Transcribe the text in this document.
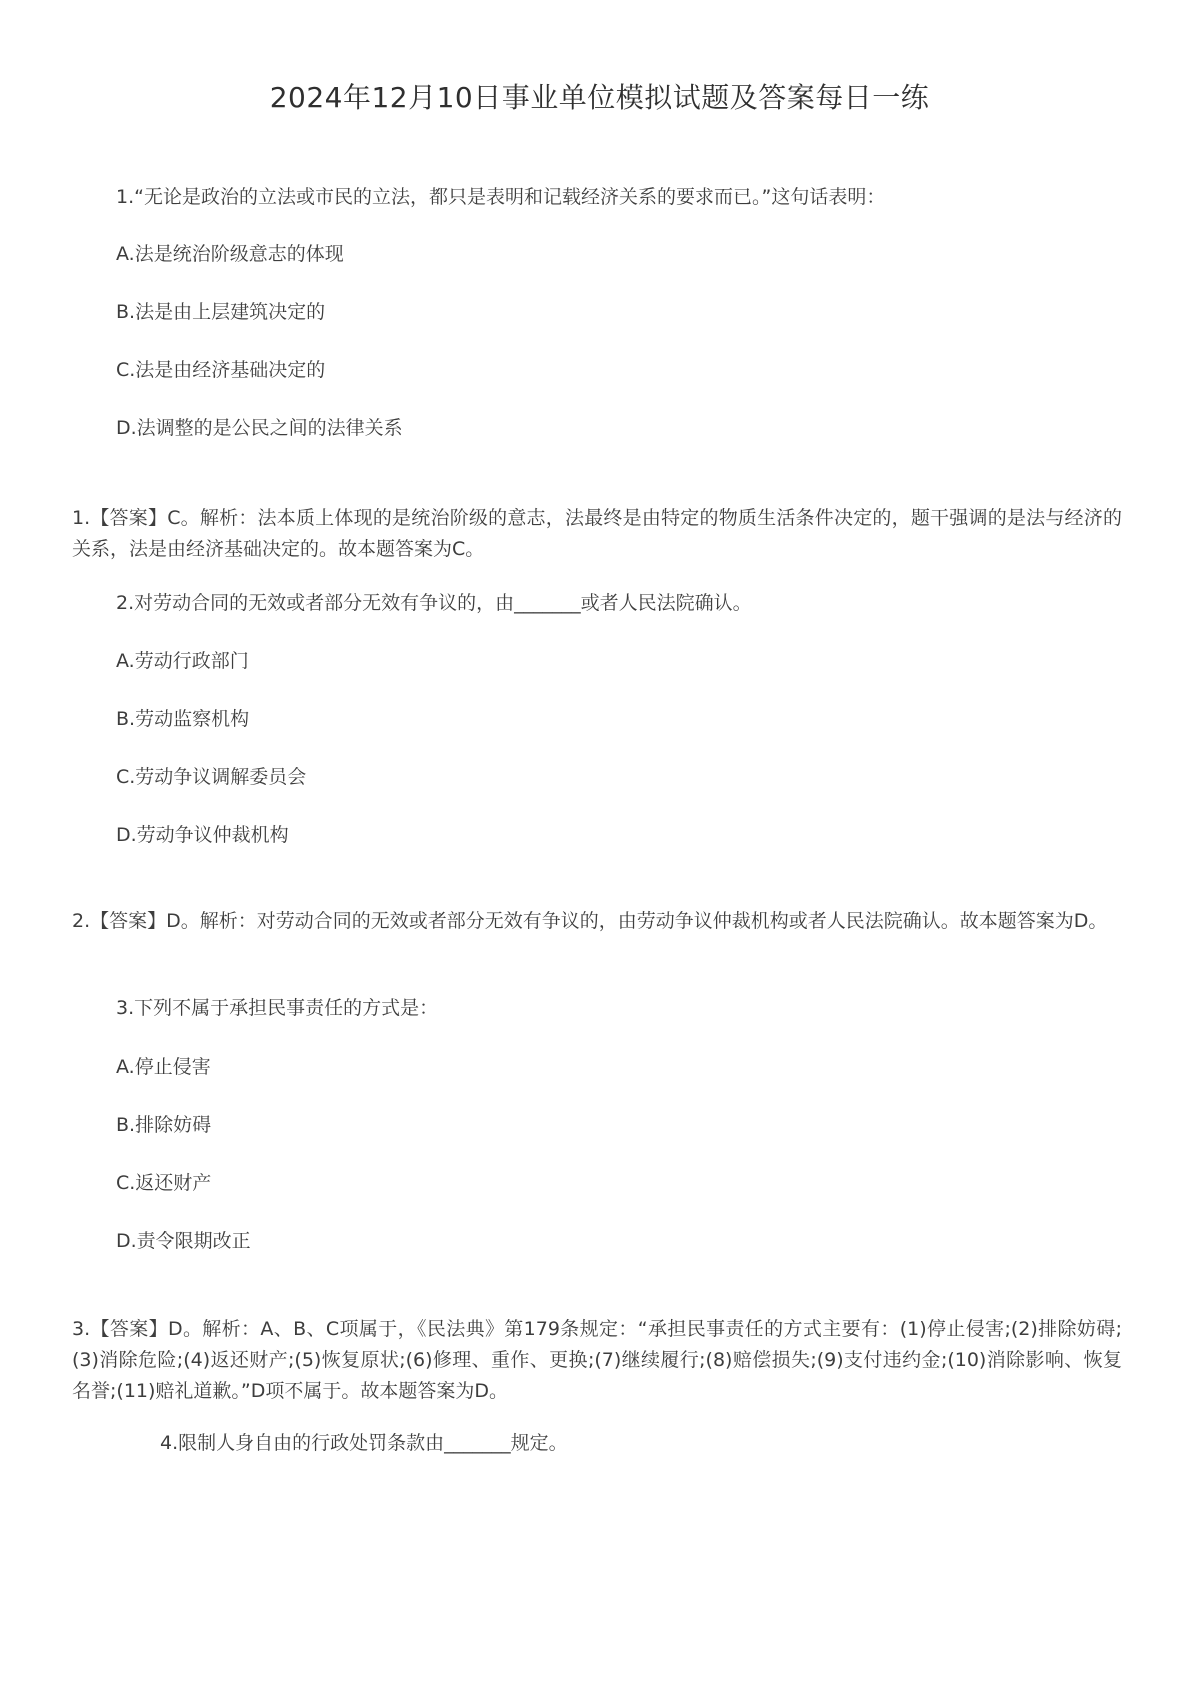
2024年12月10日事业单位模拟试题及答案每日一练
1.“无论是政治的立法或市民的立法，都只是表明和记载经济关系的要求而已。”这句话表明：
A.法是统治阶级意志的体现
B.法是由上层建筑决定的
C.法是由经济基础决定的
D.法调整的是公民之间的法律关系
1.【答案】C。解析：法本质上体现的是统治阶级的意志，法最终是由特定的物质生活条件决定的，题干强调的是法与经济的关系，法是由经济基础决定的。故本题答案为C。
2.对劳动合同的无效或者部分无效有争议的，由_______或者人民法院确认。
A.劳动行政部门
B.劳动监察机构
C.劳动争议调解委员会
D.劳动争议仲裁机构
2.【答案】D。解析：对劳动合同的无效或者部分无效有争议的，由劳动争议仲裁机构或者人民法院确认。故本题答案为D。
3.下列不属于承担民事责任的方式是：
A.停止侵害
B.排除妨碍
C.返还财产
D.责令限期改正
3.【答案】D。解析：A、B、C项属于，《民法典》第179条规定：“承担民事责任的方式主要有：(1)停止侵害;(2)排除妨碍;(3)消除危险;(4)返还财产;(5)恢复原状;(6)修理、重作、更换;(7)继续履行;(8)赔偿损失;(9)支付违约金;(10)消除影响、恢复名誉;(11)赔礼道歉。”D项不属于。故本题答案为D。
4.限制人身自由的行政处罚条款由_______规定。
